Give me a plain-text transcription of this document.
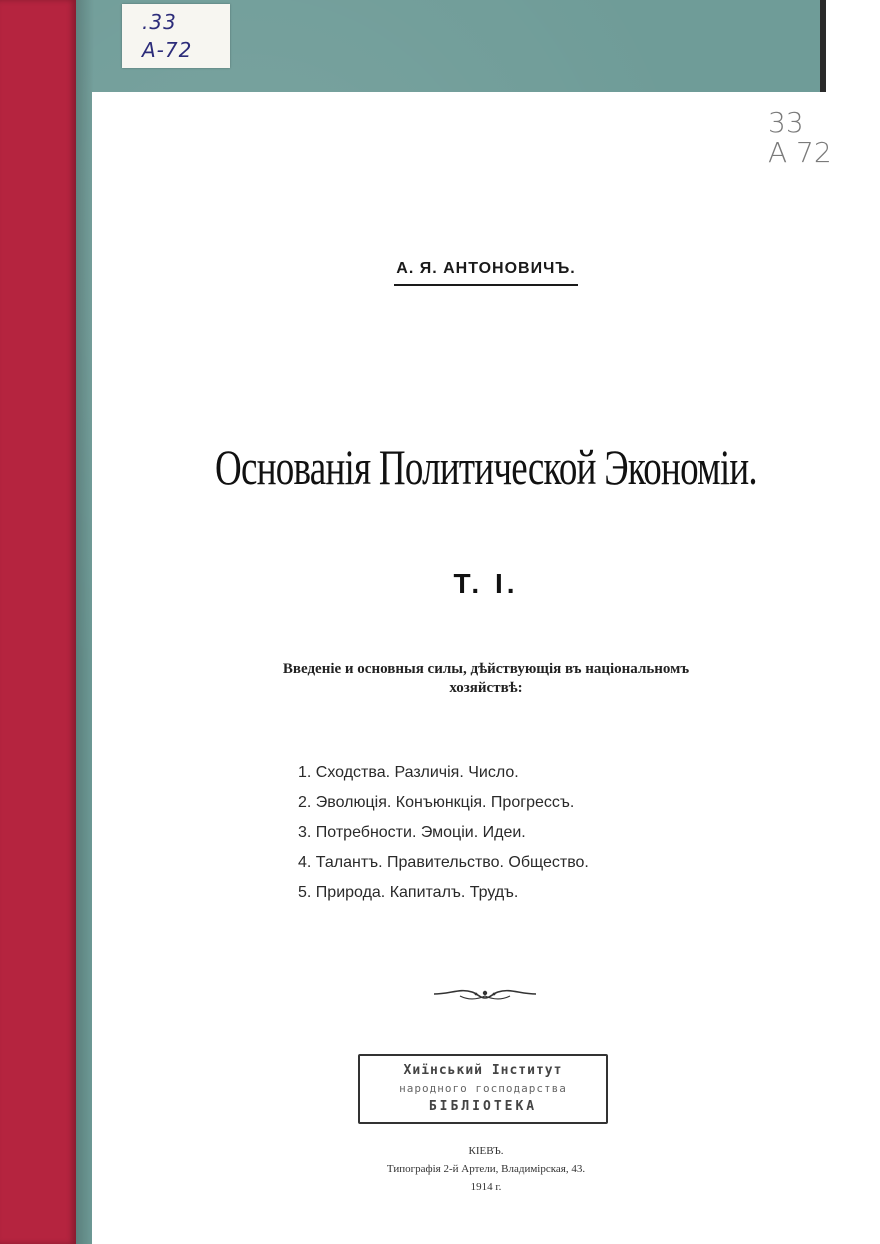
.33
A-72
33
A 72
А. Я. АНТОНОВИЧЪ.
Основанія Политической Экономіи.
Т. I.
Введеніе и основныя силы, дѣйствующія въ національномъ
хозяйствѣ:
1. Сходства. Различія. Число.
2. Эволюція. Конъюнкція. Прогрессъ.
3. Потребности. Эмоціи. Идеи.
4. Талантъ. Правительство. Общество.
5. Природа. Капиталъ. Трудъ.
Хиїнський Інститут
народного господарства
БІБЛІОТЕКА
КІЕВЪ.
Типографія 2-й Артели, Владимірская, 43.
1914 г.
